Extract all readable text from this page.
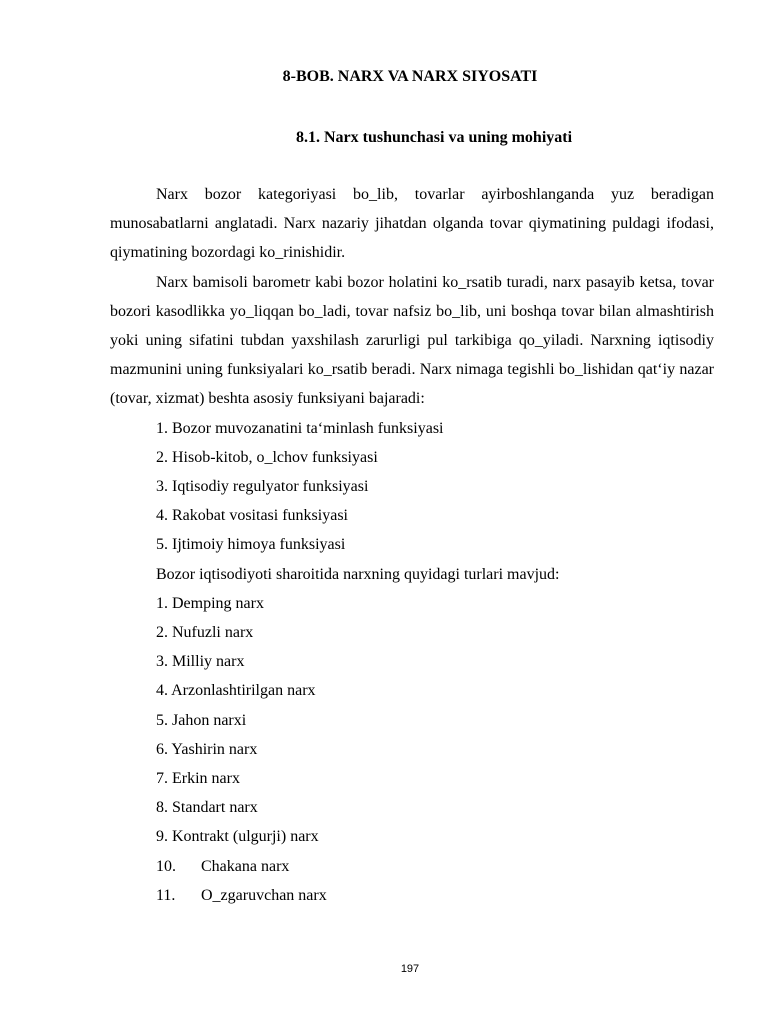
8-BOB. NARX VA NARX SIYOSATI
8.1. Narx tushunchasi va uning mohiyati

Narx bozor kategoriyasi bo_lib, tovarlar ayirboshlanganda yuz beradigan munosabatlarni anglatadi. Narx nazariy jihatdan olganda tovar qiymatining puldagi ifodasi, qiymatining bozordagi ko_rinishidir.

Narx bamisoli barometr kabi bozor holatini ko_rsatib turadi, narx pasayib ketsa, tovar bozori kasodlikka yo_liqqan bo_ladi, tovar nafsiz bo_lib, uni boshqa tovar bilan almashtirish yoki uning sifatini tubdan yaxshilash zarurligi pul tarkibiga qo_yiladi. Narxning iqtisodiy mazmunini uning funksiyalari ko_rsatib beradi. Narx nimaga tegishli bo_lishidan qat‘iy nazar (tovar, xizmat) beshta asosiy funksiyani bajaradi:

1. Bozor muvozanatini ta‘minlash funksiyasi

2. Hisob-kitob, o_lchov funksiyasi

3. Iqtisodiy regulyator funksiyasi

4. Rakobat vositasi funksiyasi

5. Ijtimoiy himoya funksiyasi

Bozor iqtisodiyoti sharoitida narxning quyidagi turlari mavjud:

1. Demping narx

2. Nufuzli narx

3. Milliy narx

4. Arzonlashtirilgan narx

5. Jahon narxi

6. Yashirin narx

7. Erkin narx

8. Standart narx

9. Kontrakt (ulgurji) narx

10. Chakana narx

11. O_zgaruvchan narx

197
